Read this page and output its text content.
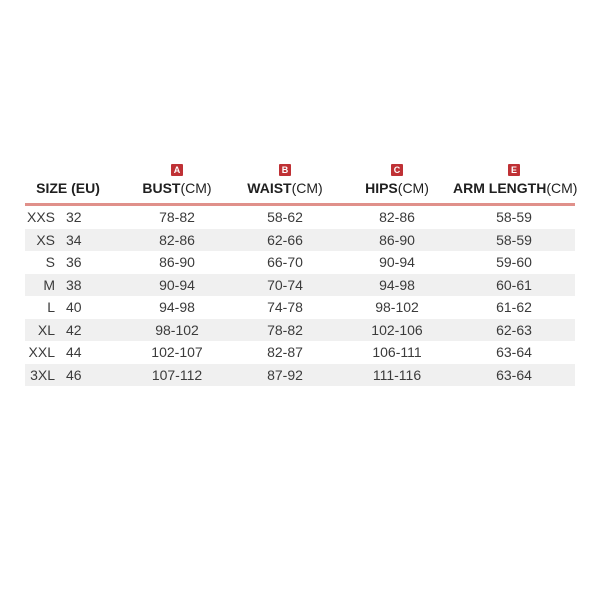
SIZE (EU)
A
BUST(CM)
B
WAIST(CM)
C
HIPS(CM)
E
ARM LENGTH(CM)
XXS 32	78-82	58-62	82-86	58-59
XS 34	82-86	62-66	86-90	58-59
S 36	86-90	66-70	90-94	59-60
M 38	90-94	70-74	94-98	60-61
L 40	94-98	74-78	98-102	61-62
XL 42	98-102	78-82	102-106	62-63
XXL 44	102-107	82-87	106-111	63-64
3XL 46	107-112	87-92	111-116	63-64
